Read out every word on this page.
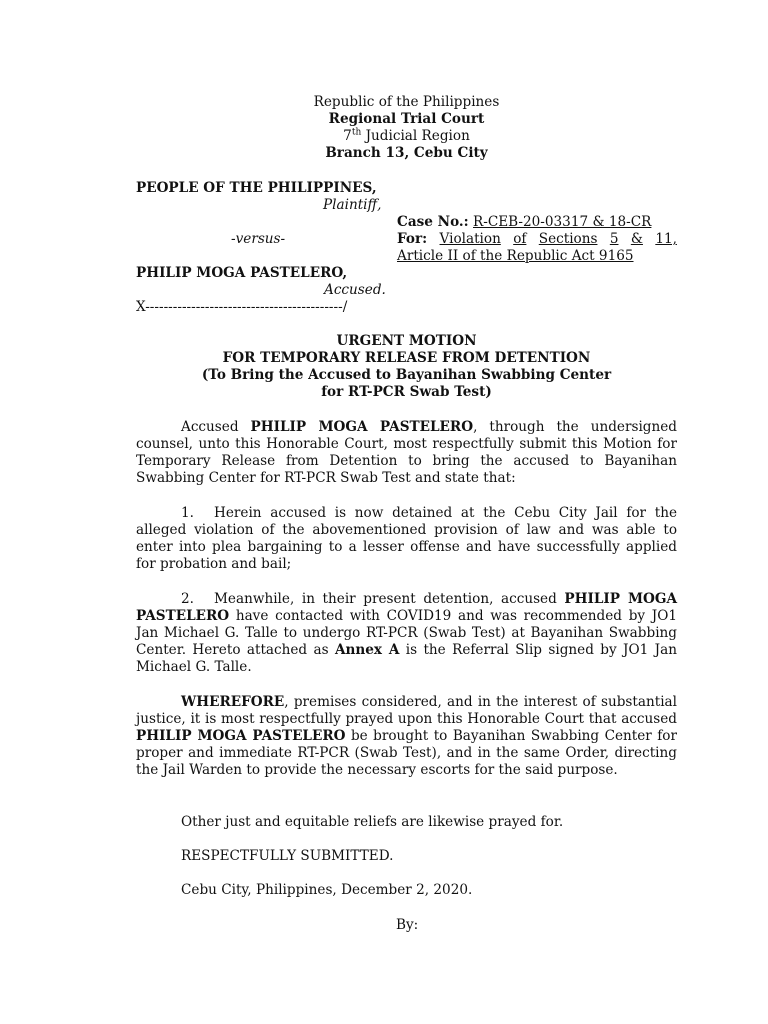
Republic of the Philippines
Regional Trial Court
7th Judicial Region
Branch 13, Cebu City
PEOPLE OF THE PHILIPPINES,
Plaintiff,
-versus-
PHILIP MOGA PASTELERO,
Accused.
X-------------------------------------------/
Case No.: R-CEB-20-03317 & 18-CR
For: Violation of Sections 5 & 11,
Article II of the Republic Act 9165
URGENT MOTION
FOR TEMPORARY RELEASE FROM DETENTION
(To Bring the Accused to Bayanihan Swabbing Center
for RT-PCR Swab Test)
Accused PHILIP MOGA PASTELERO, through the undersigned counsel, unto this Honorable Court, most respectfully submit this Motion for Temporary Release from Detention to bring the accused to Bayanihan Swabbing Center for RT-PCR Swab Test and state that:
1. Herein accused is now detained at the Cebu City Jail for the alleged violation of the abovementioned provision of law and was able to enter into plea bargaining to a lesser offense and have successfully applied for probation and bail;
2. Meanwhile, in their present detention, accused PHILIP MOGA PASTELERO have contacted with COVID19 and was recommended by JO1 Jan Michael G. Talle to undergo RT-PCR (Swab Test) at Bayanihan Swabbing Center. Hereto attached as Annex A is the Referral Slip signed by JO1 Jan Michael G. Talle.
WHEREFORE, premises considered, and in the interest of substantial justice, it is most respectfully prayed upon this Honorable Court that accused PHILIP MOGA PASTELERO be brought to Bayanihan Swabbing Center for proper and immediate RT-PCR (Swab Test), and in the same Order, directing the Jail Warden to provide the necessary escorts for the said purpose.
Other just and equitable reliefs are likewise prayed for.
RESPECTFULLY SUBMITTED.
Cebu City, Philippines, December 2, 2020.
By:
